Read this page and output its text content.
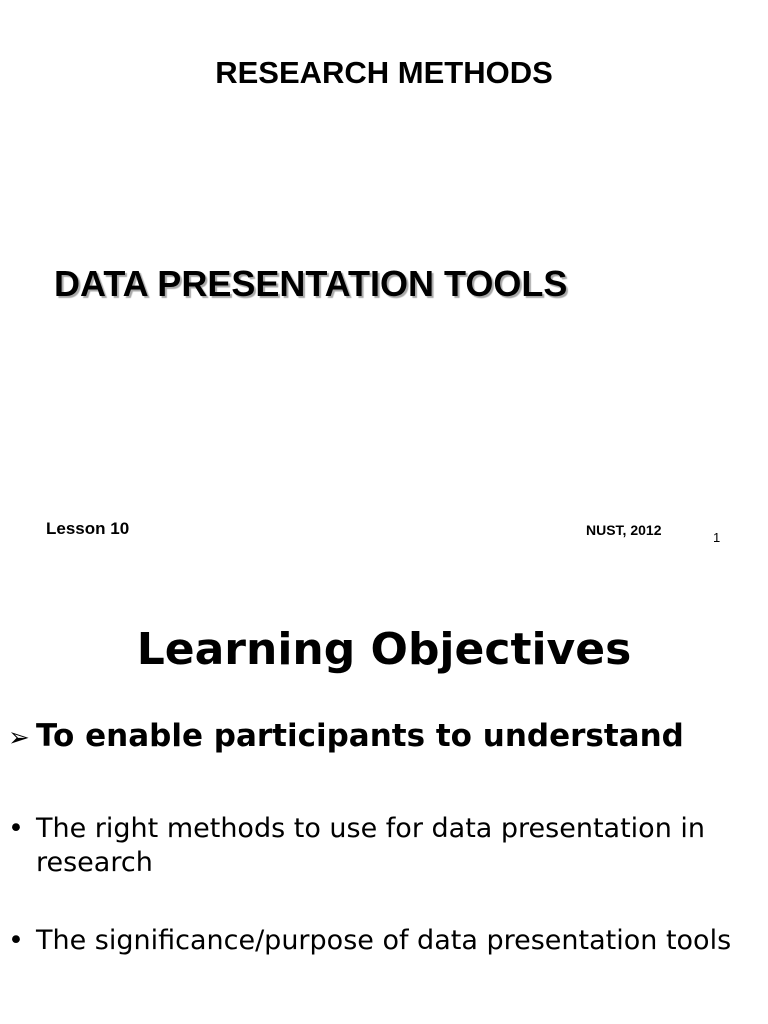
RESEARCH METHODS
DATA PRESENTATION TOOLS
Lesson 10	NUST, 2012	1
Learning Objectives
➢ To enable participants to understand
• The right methods to use for data presentation in research
• The significance/purpose of data presentation tools
